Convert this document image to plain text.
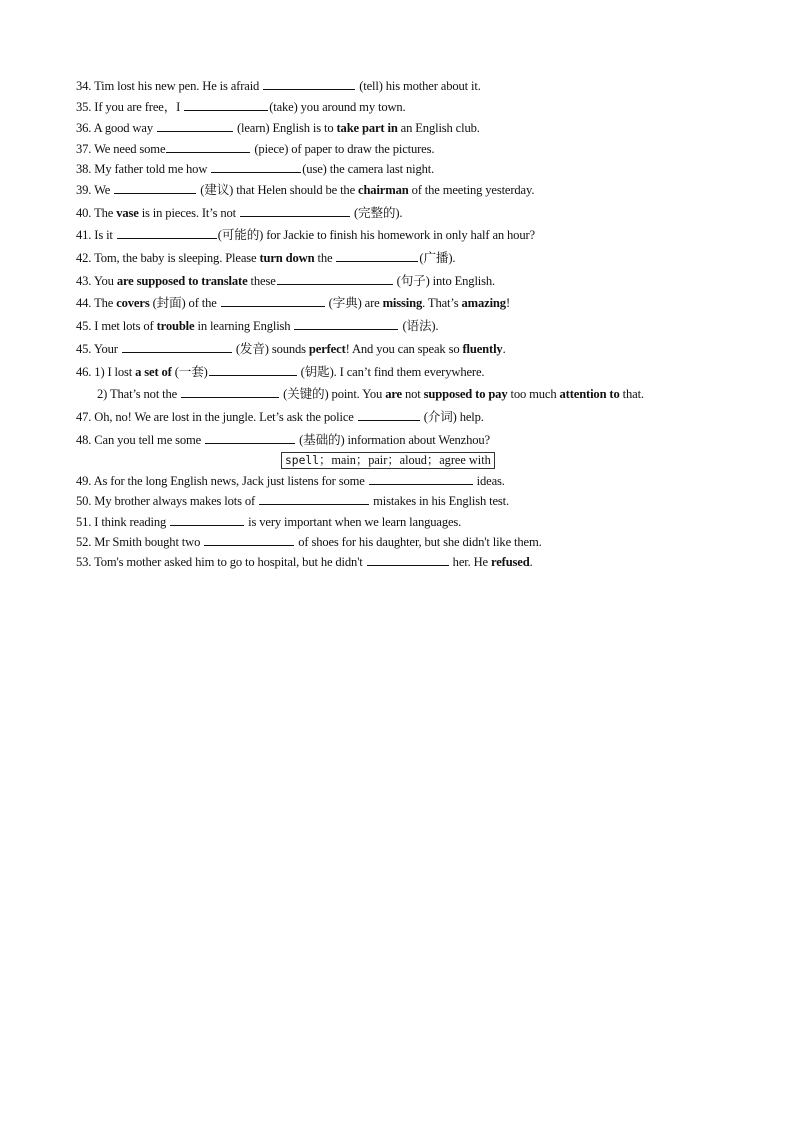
34. Tim lost his new pen. He is afraid	(tell) his mother about it.
35. If you are free，I	(take) you around my town.
36. A good way	(learn) English is to take part in an English club.
37. We need some	(piece) of paper to draw the pictures.
38. My father told me how	(use) the camera last night.
39. We	(建议) that Helen should be the chairman of the meeting yesterday.
40. The vase is in pieces. It’s not	(完整的).
41. Is it	(可能的) for Jackie to finish his homework in only half an hour?
42. Tom, the baby is sleeping. Please turn down the	(广播).
43. You are supposed to translate these	(句子) into English.
44. The covers (封面) of the	(字典) are missing. That’s amazing!
45. I met lots of trouble in learning English	(语法).
45. Your	(发音) sounds perfect! And you can speak so fluently.
46. 1) I lost a set of (一套)	(钥匙). I can’t find them everywhere.
2) That’s not the	(关键的) point. You are not supposed to pay too much attention to that.
47. Oh, no! We are lost in the jungle. Let’s ask the police	(介词) help.
48. Can you tell me some	(基础的) information about Wenzhou?
spell；main；pair；aloud；agree with
49. As for the long English news, Jack just listens for some	ideas.
50. My brother always makes lots of	mistakes in his English test.
51. I think reading	is very important when we learn languages.
52. Mr Smith bought two	of shoes for his daughter, but she didn't like them.
53. Tom's mother asked him to go to hospital, but he didn't	her. He refused.
